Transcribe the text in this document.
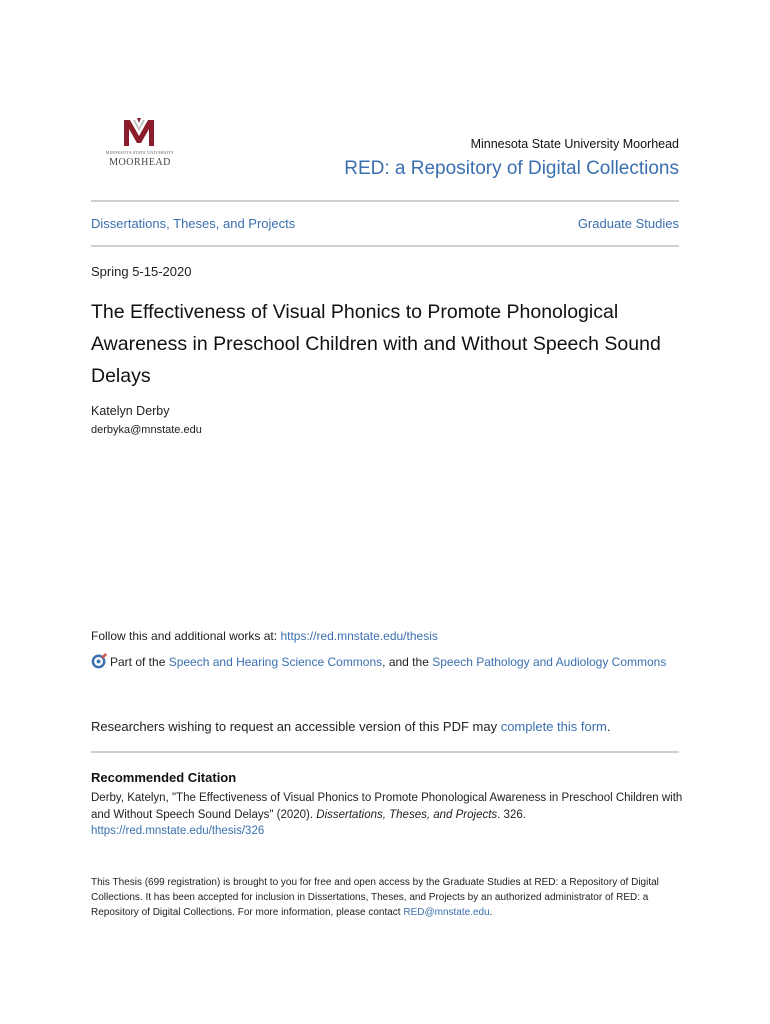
MINNESOTA STATE UNIVERSITY
MOORHEAD
Minnesota State University Moorhead
RED: a Repository of Digital Collections
Dissertations, Theses, and Projects	Graduate Studies
Spring 5-15-2020
The Effectiveness of Visual Phonics to Promote Phonological Awareness in Preschool Children with and Without Speech Sound Delays
Katelyn Derby
derbyka@mnstate.edu
Follow this and additional works at: https://red.mnstate.edu/thesis
Part of the Speech and Hearing Science Commons, and the Speech Pathology and Audiology Commons
Researchers wishing to request an accessible version of this PDF may complete this form.
Recommended Citation
Derby, Katelyn, "The Effectiveness of Visual Phonics to Promote Phonological Awareness in Preschool Children with and Without Speech Sound Delays" (2020). Dissertations, Theses, and Projects. 326.
https://red.mnstate.edu/thesis/326
This Thesis (699 registration) is brought to you for free and open access by the Graduate Studies at RED: a Repository of Digital Collections. It has been accepted for inclusion in Dissertations, Theses, and Projects by an authorized administrator of RED: a Repository of Digital Collections. For more information, please contact RED@mnstate.edu.
